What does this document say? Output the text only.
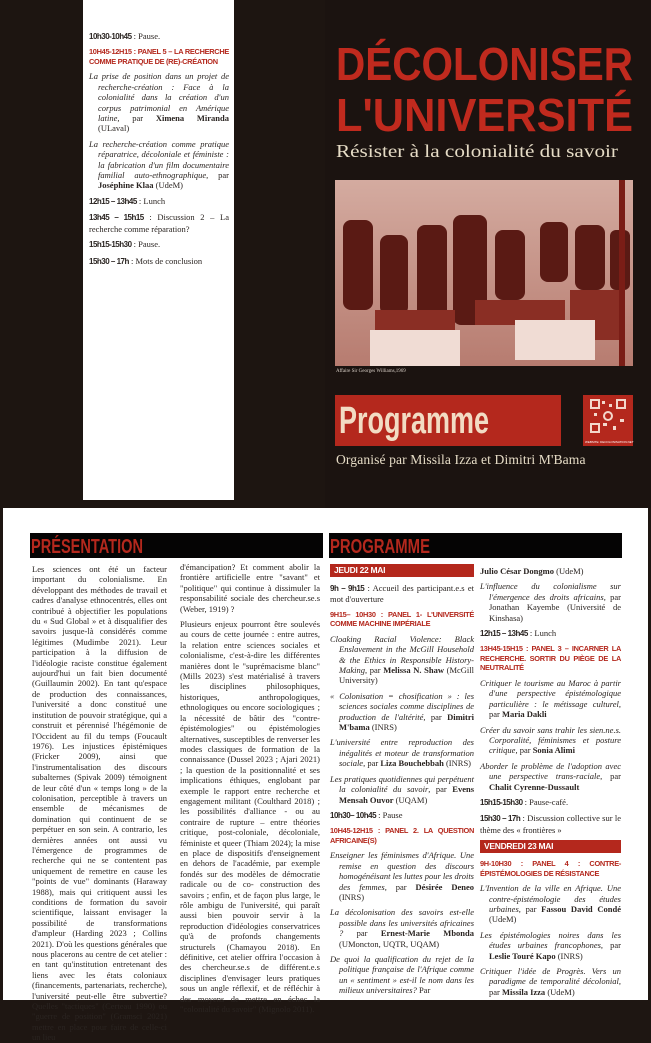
10h30-10h45 : Pause.
10H45-12H15 : PANEL 5 – LA RECHERCHE COMME PRATIQUE DE (RE)-CRÉATION
La prise de position dans un projet de recherche-création : Face à la colonialité dans la création d'un corpus patrimonial en Amérique latine, par Ximena Miranda (ULaval)
La recherche-création comme pratique réparatrice, décoloniale et féministe : la fabrication d'un film documentaire familial auto-ethnographique, par Joséphine Klaa (UdeM)
12h15 – 13h45 : Lunch
13h45 – 15h15 : Discussion 2 – La recherche comme réparation?
15h15-15h30 : Pause.
15h30 – 17h : Mots de conclusion
DÉCOLONISER
L'UNIVERSITÉ
Résister à la colonialité du savoir
Affaire Sir Georges Williams,1969
Programme	WEBSITE: DECOLONISATION.NET
Organisé par Missila Izza et Dimitri M'Bama
PRÉSENTATION	PROGRAMME

Les sciences ont été un facteur important du colonialisme. En développant des méthodes de travail et cadres d'analyse ethnocentrés, elles ont contribué à objectifier les populations du « Sud Global » et à disqualifier des savoirs jusque-là considérés comme légitimes (Mudimbe 2021). Leur participation à la diffusion de l'idéologie raciste constitue également aujourd'hui un fait bien documenté (Guillaumin 2002). En tant qu'espace de production des connaissances, l'université a donc constitué une institution de pouvoir stratégique, qui a construit et pérennisé l'hégémonie de l'Occident au fil du temps (Foucault 1976). Les injustices épistémiques (Fricker 2009), ainsi que l'instrumentalisation des discours subalternes (Spivak 2009) témoignent de leur côté d'un « temps long » de la colonisation, perceptible à travers un ensemble de mécanismes de domination qui continuent de se perpétuer en son sein. A contrario, les dernières années ont aussi vu l'émergence de programmes de recherche qui ne se contentent pas uniquement de remettre en cause les "points de vue" dominants (Haraway 1988), mais qui critiquent aussi les conditions de formation du savoir scientifique, laissant envisager la possibilité de transformations d'ampleur (Harding 2023 ; Collins 2021). D'où les questions générales que nous placerons au centre de cet atelier : en tant qu'institution entretenant des liens avec les états coloniaux (financements, partenariats, recherche), l'université peut-elle être subvertie? Quelles "tactiques" (Certeau 1990) ou "guerre de position" (Gramsci 2021) mettre en place pour faire de celle-ci un lieu

d'émancipation? Et comment abolir la frontière artificielle entre "savant" et "politique" qui continue à dissimuler la responsabilité sociale des chercheur.se.s (Weber, 1919) ?

Plusieurs enjeux pourront être soulevés au cours de cette journée : entre autres, la relation entre sciences sociales et colonialisme, c'est-à-dire les différentes manières dont le "suprémacisme blanc" (Mills 2023) s'est matérialisé à travers les disciplines philosophiques, historiques, anthropologiques, ethnologiques ou encore sociologiques ; la nécessité de bâtir des "contre-épistémologies" ou épistémologies alternatives, susceptibles de renverser les modes classiques de formation de la connaissance (Dussel 2023 ; Ajari 2021) ; la question de la positionnalité et ses implications éthiques, englobant par exemple le rapport entre recherche et engagement militant (Coulthard 2018) ; les possibilités d'alliance - ou au contraire de rupture – entre théories critique, post-coloniale, décoloniale, féministe et queer (Thiam 2024); la mise en place de dispositifs d'enseignement en dehors de l'académie, par exemple fondés sur des modèles de démocratie radicale ou de co- construction des savoirs ; enfin, et de façon plus large, le rôle ambigu de l'université, qui paraît aussi bien pouvoir servir à la reproduction d'idéologies conservatrices qu'à de profonds changements structurels (Chamayou 2018). En définitive, cet atelier offrira l'occasion à des chercheur.se.s de différent.e.s disciplines d'envisager leurs pratiques sous un angle réflexif, et de réfléchir à des moyens de mettre en échec la "colonialité du savoir" (Mignolo 2011).

JEUDI 22 MAI
9h – 9h15 : Accueil des participant.e.s et mot d'ouverture
9H15– 10H30 : PANEL 1- L'UNIVERSITÉ COMME MACHINE IMPÉRIALE
Cloaking Racial Violence: Black Enslavement in the McGill Household & the Ethics in Responsible History-Making, par Melissa N. Shaw (McGill University)
« Colonisation = chosification » : les sciences sociales comme disciplines de production de l'altérité, par Dimitri M'bama (INRS)
L'université entre reproduction des inégalités et moteur de transformation sociale, par Liza Bouchebbah (INRS)
Les pratiques quotidiennes qui perpétuent la colonialité du savoir, par Evens Mensah Ouvor (UQAM)
10h30– 10h45 : Pause
10H45-12H15 : PANEL 2. LA QUESTION AFRICAINE(S)
Enseigner les féminismes d'Afrique. Une remise en question des discours homogénéisant les luttes pour les droits des femmes, par Désirée Deneo (INRS)
La décolonisation des savoirs est-elle possible dans les universités africaines ? par Ernest-Marie Mbonda (UMoncton, UQTR, UQAM)
De quoi la qualification du rejet de la politique française de l'Afrique comme un « sentiment » est-il le nom dans les milieux universitaires? Par
Julio César Dongmo (UdeM)
L'influence du colonialisme sur l'émergence des droits africains, par Jonathan Kayembe (Université de Kinshasa)
12h15 – 13h45 : Lunch
13H45-15H15 : PANEL 3 – INCARNER LA RECHERCHE. SORTIR DU PIÈGE DE LA NEUTRALITÉ
Critiquer le tourisme au Maroc à partir d'une perspective épistémologique particulière : le métissage culturel, par Maria Dakli
Créer du savoir sans trahir les sien.ne.s. Corporalité, féminismes et posture critique, par Sonia Alimi
Aborder le problème de l'adoption avec une perspective trans-raciale, par Chalit Cyrenne-Dussault
15h15-15h30 : Pause-café.
15h30 – 17h : Discussion collective sur le thème des « frontières »
VENDREDI 23 MAI
9H-10H30 : PANEL 4 : CONTRE-ÉPISTÉMOLOGIES DE RÉSISTANCE
L'Invention de la ville en Afrique. Une contre-épistémologie des études urbaines, par Fassou David Condé (UdeM)
Les épistémologies noires dans les études urbaines francophones, par Leslie Touré Kapo (INRS)
Critiquer l'idée de Progrès. Vers un paradigme de temporalité décolonial, par Missila Izza (UdeM)
